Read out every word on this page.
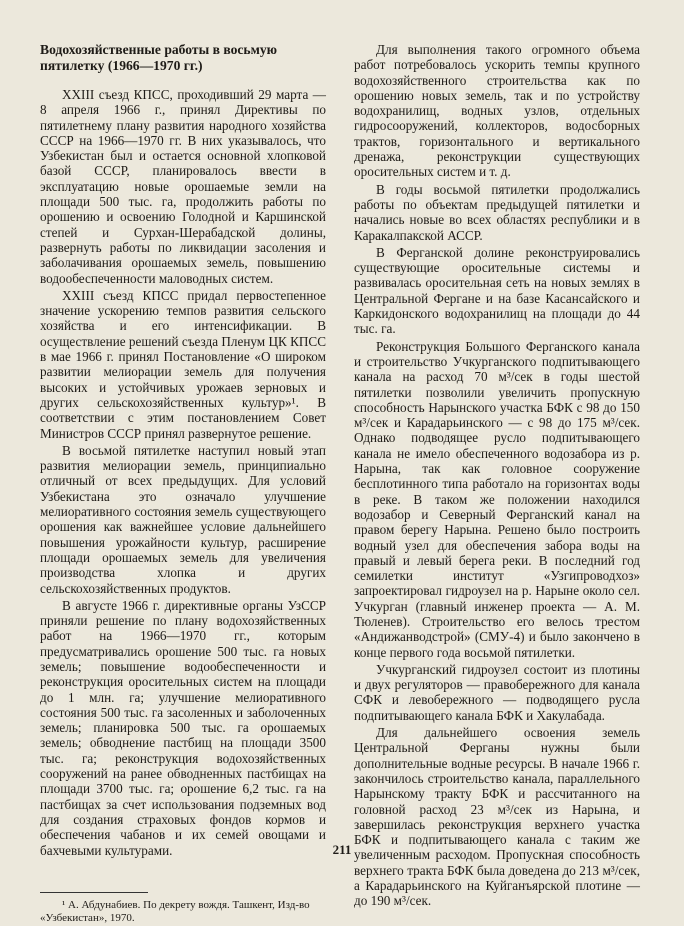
Водохозяйственные работы в восьмую пятилетку (1966—1970 гг.)

XXIII съезд КПСС, проходивший 29 марта — 8 апреля 1966 г., принял Директивы по пятилетнему плану развития народного хозяйства СССР на 1966—1970 гг. В них указывалось, что Узбекистан был и остается основной хлопковой базой СССР, планировалось ввести в эксплуатацию новые орошаемые земли на площади 500 тыс. га, продолжить работы по орошению и освоению Голодной и Каршинской степей и Сурхан-Шерабадской долины, развернуть работы по ликвидации засоления и заболачивания орошаемых земель, повышению водообеспеченности маловодных систем.

XXIII съезд КПСС придал первостепенное значение ускорению темпов развития сельского хозяйства и его интенсификации. В осуществление решений съезда Пленум ЦК КПСС в мае 1966 г. принял Постановление «О широком развитии мелиорации земель для получения высоких и устойчивых урожаев зерновых и других сельскохозяйственных культур»¹. В соответствии с этим постановлением Совет Министров СССР принял развернутое решение.

В восьмой пятилетке наступил новый этап развития мелиорации земель, принципиально отличный от всех предыдущих. Для условий Узбекистана это означало улучшение мелиоративного состояния земель существующего орошения как важнейшее условие дальнейшего повышения урожайности культур, расширение площади орошаемых земель для увеличения производства хлопка и других сельскохозяйственных продуктов.

В августе 1966 г. директивные органы УзССР приняли решение по плану водохозяйственных работ на 1966—1970 гг., которым предусматривались орошение 500 тыс. га новых земель; повышение водообеспеченности и реконструкция оросительных систем на площади до 1 млн. га; улучшение мелиоративного состояния 500 тыс. га засоленных и заболоченных земель; планировка 500 тыс. га орошаемых земель; обводнение пастбищ на площади 3500 тыс. га; реконструкция водохозяйственных сооружений на ранее обводненных пастбищах на площади 3700 тыс. га; орошение 6,2 тыс. га на пастбищах за счет использования подземных вод для создания страховых фондов кормов и обеспечения чабанов и их семей овощами и бахчевыми культурами.

¹ А. Абдунабиев. По декрету вождя. Ташкент, Изд-во «Узбекистан», 1970.

Для выполнения такого огромного объема работ потребовалось ускорить темпы крупного водохозяйственного строительства как по орошению новых земель, так и по устройству водохранилищ, водных узлов, отдельных гидросооружений, коллекторов, водосборных трактов, горизонтального и вертикального дренажа, реконструкции существующих оросительных систем и т. д.

В годы восьмой пятилетки продолжались работы по объектам предыдущей пятилетки и начались новые во всех областях республики и в Каракалпакской АССР.

В Ферганской долине реконструировались существующие оросительные системы и развивалась оросительная сеть на новых землях в Центральной Фергане и на базе Касансайского и Каркидонского водохранилищ на площади до 44 тыс. га.

Реконструкция Большого Ферганского канала и строительство Учкурганского подпитывающего канала на расход 70 м³/сек в годы шестой пятилетки позволили увеличить пропускную способность Нарынского участка БФК с 98 до 150 м³/сек и Карадарьинского — с 98 до 175 м³/сек. Однако подводящее русло подпитывающего канала не имело обеспеченного водозабора из р. Нарына, так как головное сооружение бесплотинного типа работало на горизонтах воды в реке. В таком же положении находился водозабор и Северный Ферганский канал на правом берегу Нарына. Решено было построить водный узел для обеспечения забора воды на правый и левый берега реки. В последний год семилетки институт «Узгипроводхоз» запроектировал гидроузел на р. Нарыне около сел. Учкурган (главный инженер проекта — А. М. Тюленев). Строительство его велось трестом «Андижанводстрой» (СМУ-4) и было закончено в конце первого года восьмой пятилетки.

Учкурганский гидроузел состоит из плотины и двух регуляторов — правобережного для канала СФК и левобережного — подводящего русла подпитывающего канала БФК и Хакулабада.

Для дальнейшего освоения земель Центральной Ферганы нужны были дополнительные водные ресурсы. В начале 1966 г. закончилось строительство канала, параллельного Нарынскому тракту БФК и рассчитанного на головной расход 23 м³/сек из Нарына, и завершилась реконструкция верхнего участка БФК и подпитывающего канала с таким же увеличенным расходом. Пропускная способность верхнего тракта БФК была доведена до 213 м³/сек, а Карадарьинского на Куйганъярской плотине — до 190 м³/сек.

211
